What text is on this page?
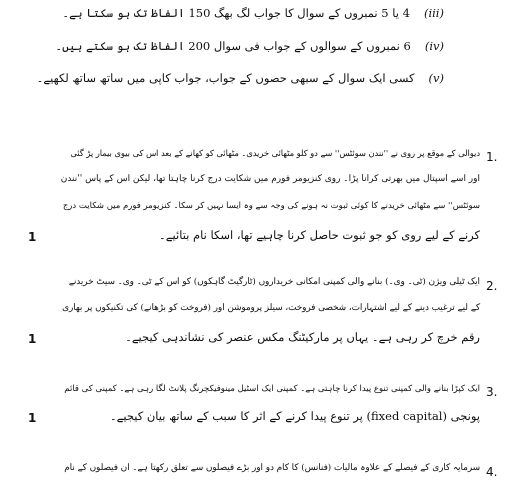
(iii)4 یا 5 نمبروں کے سوال کا جواب لگ بھگ 150 الفاظ تک ہو سکتا ہے۔
(iv)6 نمبروں کے سوالوں کے جواب فی سوال 200 الفاظ تک ہو سکتے ہیں۔
(v)کسی ایک سوال کے سبھی حصوں کے جواب، جواب کاپی میں ساتھ ساتھ لکھیے۔
1.
دیوالی کے موقع پر روی نے ''نندن سوئٹس'' سے دو کلو مٹھائی خریدی۔ مٹھائی کو کھانے کے بعد اس کی بیوی بیمار پڑ گئی
اور اسے اسپتال میں بھرتی کرانا پڑا۔ روی کنزیومر فورم میں شکایت درج کرنا چاہتا تھا، لیکن اس کے پاس ''نندن
سوئٹس'' سے مٹھائی خریدنے کا کوئی ثبوت نہ ہونے کی وجہ سے وہ ایسا نہیں کر سکا۔ کنزیومر فورم میں شکایت درج
کرنے کے لیے روی کو جو ثبوت حاصل کرنا چاہیے تھا، اسکا نام بتائیے۔
1
2.
ایک ٹیلی ویژن (ٹی۔ وی۔) بنانے والی کمپنی امکانی خریداروں (ٹارگیٹ گاہکوں) کو اس کے ٹی۔ وی۔ سیٹ خریدنے
کے لیے ترغیب دینے کے لیے اشتہارات، شخصی فروخت، سیلز پروموشن اور (فروخت کو بڑھانے) کی تکنیکوں پر بھاری
رقم خرچ کر رہی ہے۔ یہاں پر مارکیٹنگ مکس عنصر کی نشاندہی کیجیے۔
1
3.
ایک کپڑا بنانے والی کمپنی تنوع پیدا کرنا چاہتی ہے۔ کمپنی ایک اسٹیل مینوفیکچرنگ پلانٹ لگا رہی ہے۔ کمپنی کی قائم
پونجی (fixed capital) پر تنوع پیدا کرنے کے اثر کا سبب کے ساتھ بیان کیجیے۔
1
4.
سرمایہ کاری کے فیصلے کے علاوہ مالیات (فنانس) کا کام دو اور بڑے فیصلوں سے تعلق رکھتا ہے۔ ان فیصلوں کے نام
